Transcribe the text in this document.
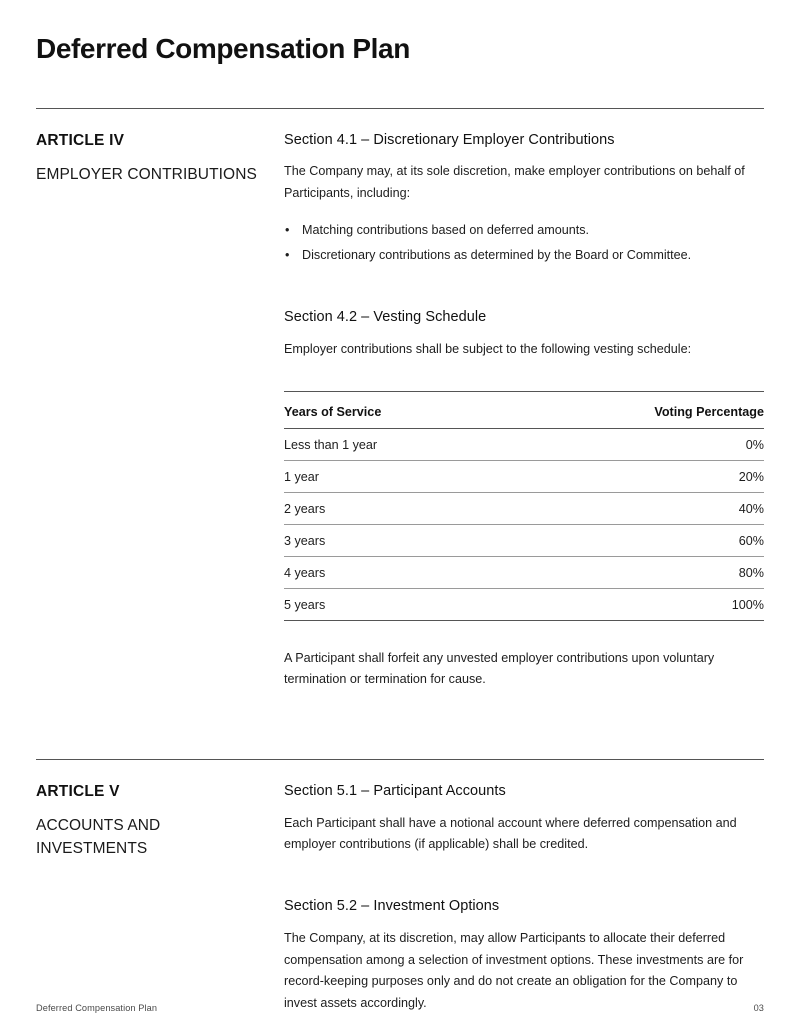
Deferred Compensation Plan
ARTICLE IV
EMPLOYER CONTRIBUTIONS
Section 4.1 – Discretionary Employer Contributions

The Company may, at its sole discretion, make employer contributions on behalf of Participants, including:

• Matching contributions based on deferred amounts.
• Discretionary contributions as determined by the Board or Committee.
Section 4.2 – Vesting Schedule

Employer contributions shall be subject to the following vesting schedule:

Years of Service	Voting Percentage
Less than 1 year	0%
1 year	20%
2 years	40%
3 years	60%
4 years	80%
5 years	100%

A Participant shall forfeit any unvested employer contributions upon voluntary termination or termination for cause.

ARTICLE V
ACCOUNTS AND INVESTMENTS
Section 5.1 – Participant Accounts

Each Participant shall have a notional account where deferred compensation and employer contributions (if applicable) shall be credited.

Section 5.2 – Investment Options

The Company, at its discretion, may allow Participants to allocate their deferred compensation among a selection of investment options. These investments are for record-keeping purposes only and do not create an obligation for the Company to invest assets accordingly.

Deferred Compensation Plan	03
